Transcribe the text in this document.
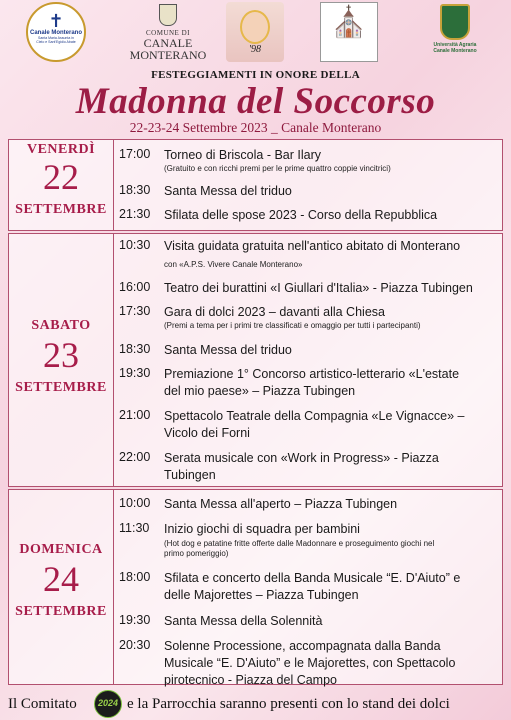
✝
Canale Monterano
Santa Maria Assunta in Cielo e Sant'Egidio Abate
COMUNE DI
CANALE MONTERANO	'98
⛪
Università Agraria
Canale Monterano
FESTEGGIAMENTI IN ONORE DELLA
Madonna del Soccorso
22-23-24 Settembre 2023 _ Canale Monterano
VENERDÌ
22
SETTEMBRE
17:00	Torneo di Briscola - Bar Ilary
(Gratuito e con ricchi premi per le prime quattro coppie vincitrici)
18:30	Santa Messa del triduo
21:30	Sfilata delle spose 2023 - Corso della Repubblica
SABATO
23
SETTEMBRE
10:30	Visita guidata gratuita nell'antico abitato di Monterano
con «A.P.S. Vivere Canale Monterano»
16:00	Teatro dei burattini «I Giullari d'Italia» - Piazza Tubingen
17:30	Gara di dolci 2023 – davanti alla Chiesa
(Premi a tema per i primi tre classificati e omaggio per tutti i partecipanti)
18:30	Santa Messa del triduo
19:30	Premiazione 1° Concorso artistico-letterario «L'estate
del mio paese» – Piazza Tubingen
21:00	Spettacolo Teatrale della Compagnia «Le Vignacce» –
Vicolo dei Forni
22:00	Serata musicale con «Work in Progress» - Piazza
Tubingen
DOMENICA
24
SETTEMBRE
10:00	Santa Messa all'aperto – Piazza Tubingen
11:30	Inizio giochi di squadra per bambini
(Hot dog e patatine fritte offerte dalle Madonnare e proseguimento giochi nel
primo pomeriggio)
18:00	Sfilata e concerto della Banda Musicale “E. D'Aiuto” e
delle Majorettes – Piazza Tubingen
19:30	Santa Messa della Solennità
20:30	Solenne Processione, accompagnata dalla Banda
Musicale “E. D'Aiuto” e le Majorettes, con Spettacolo
pirotecnico - Piazza del Campo
Il Comitato	2024 e la Parrocchia saranno presenti con lo stand dei dolci
